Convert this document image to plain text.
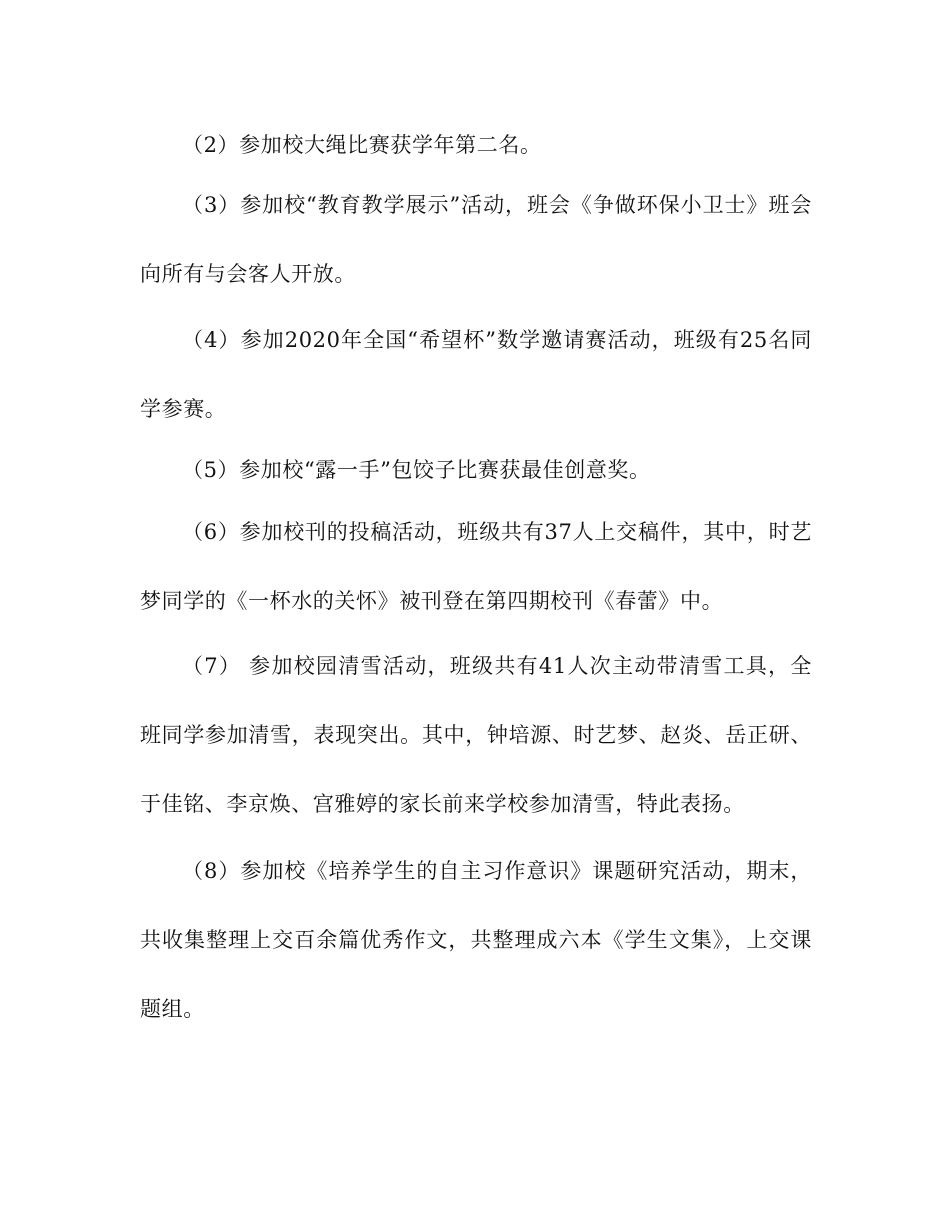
（2）参加校大绳比赛获学年第二名。

（3）参加校“教育教学展示”活动，班会《争做环保小卫士》班会向所有与会客人开放。

（4）参加2020年全国“希望杯”数学邀请赛活动，班级有25名同学参赛。

（5）参加校“露一手”包饺子比赛获最佳创意奖。

（6）参加校刊的投稿活动，班级共有37人上交稿件，其中，时艺梦同学的《一杯水的关怀》被刊登在第四期校刊《春蕾》中。

（7） 参加校园清雪活动，班级共有41人次主动带清雪工具，全班同学参加清雪，表现突出。其中，钟培源、时艺梦、赵炎、岳正研、于佳铭、李京焕、宫雅婷的家长前来学校参加清雪，特此表扬。

（8）参加校《培养学生的自主习作意识》课题研究活动，期末，共收集整理上交百余篇优秀作文，共整理成六本《学生文集》，上交课题组。
